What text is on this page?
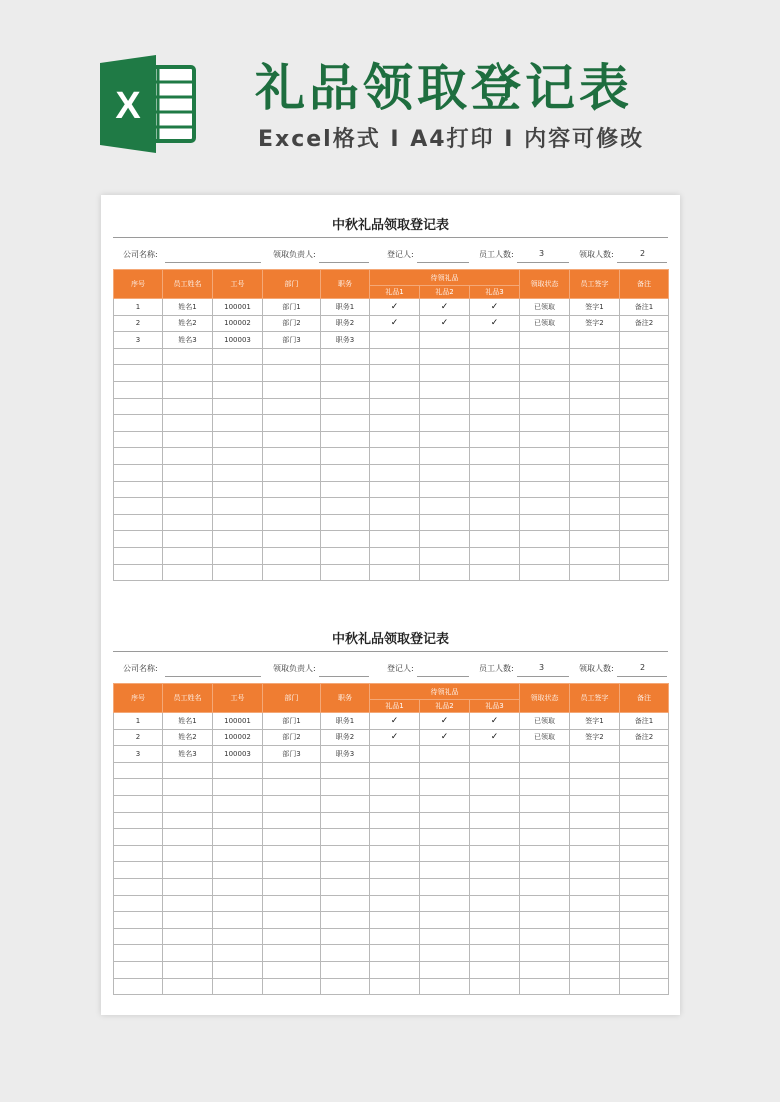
X 礼品领取登记表
Excel格式 I A4打印 I 内容可修改
中秋礼品领取登记表
公司名称:	领取负责人:	登记人:	员工人数:	3	领取人数:	2
序号	员工姓名	工号	部门	职务	待领礼品			领取状态	员工签字	备注
					礼品1	礼品2	礼品3			
1	姓名1	100001	部门1	职务1	✓	✓	✓	已领取	签字1	备注1
2	姓名2	100002	部门2	职务2	✓	✓	✓	已领取	签字2	备注2
3	姓名3	100003	部门3	职务3						

中秋礼品领取登记表
公司名称:	领取负责人:	登记人:	员工人数:	3	领取人数:	2
序号	员工姓名	工号	部门	职务	待领礼品			领取状态	员工签字	备注
					礼品1	礼品2	礼品3			
1	姓名1	100001	部门1	职务1	✓	✓	✓	已领取	签字1	备注1
2	姓名2	100002	部门2	职务2	✓	✓	✓	已领取	签字2	备注2
3	姓名3	100003	部门3	职务3						
